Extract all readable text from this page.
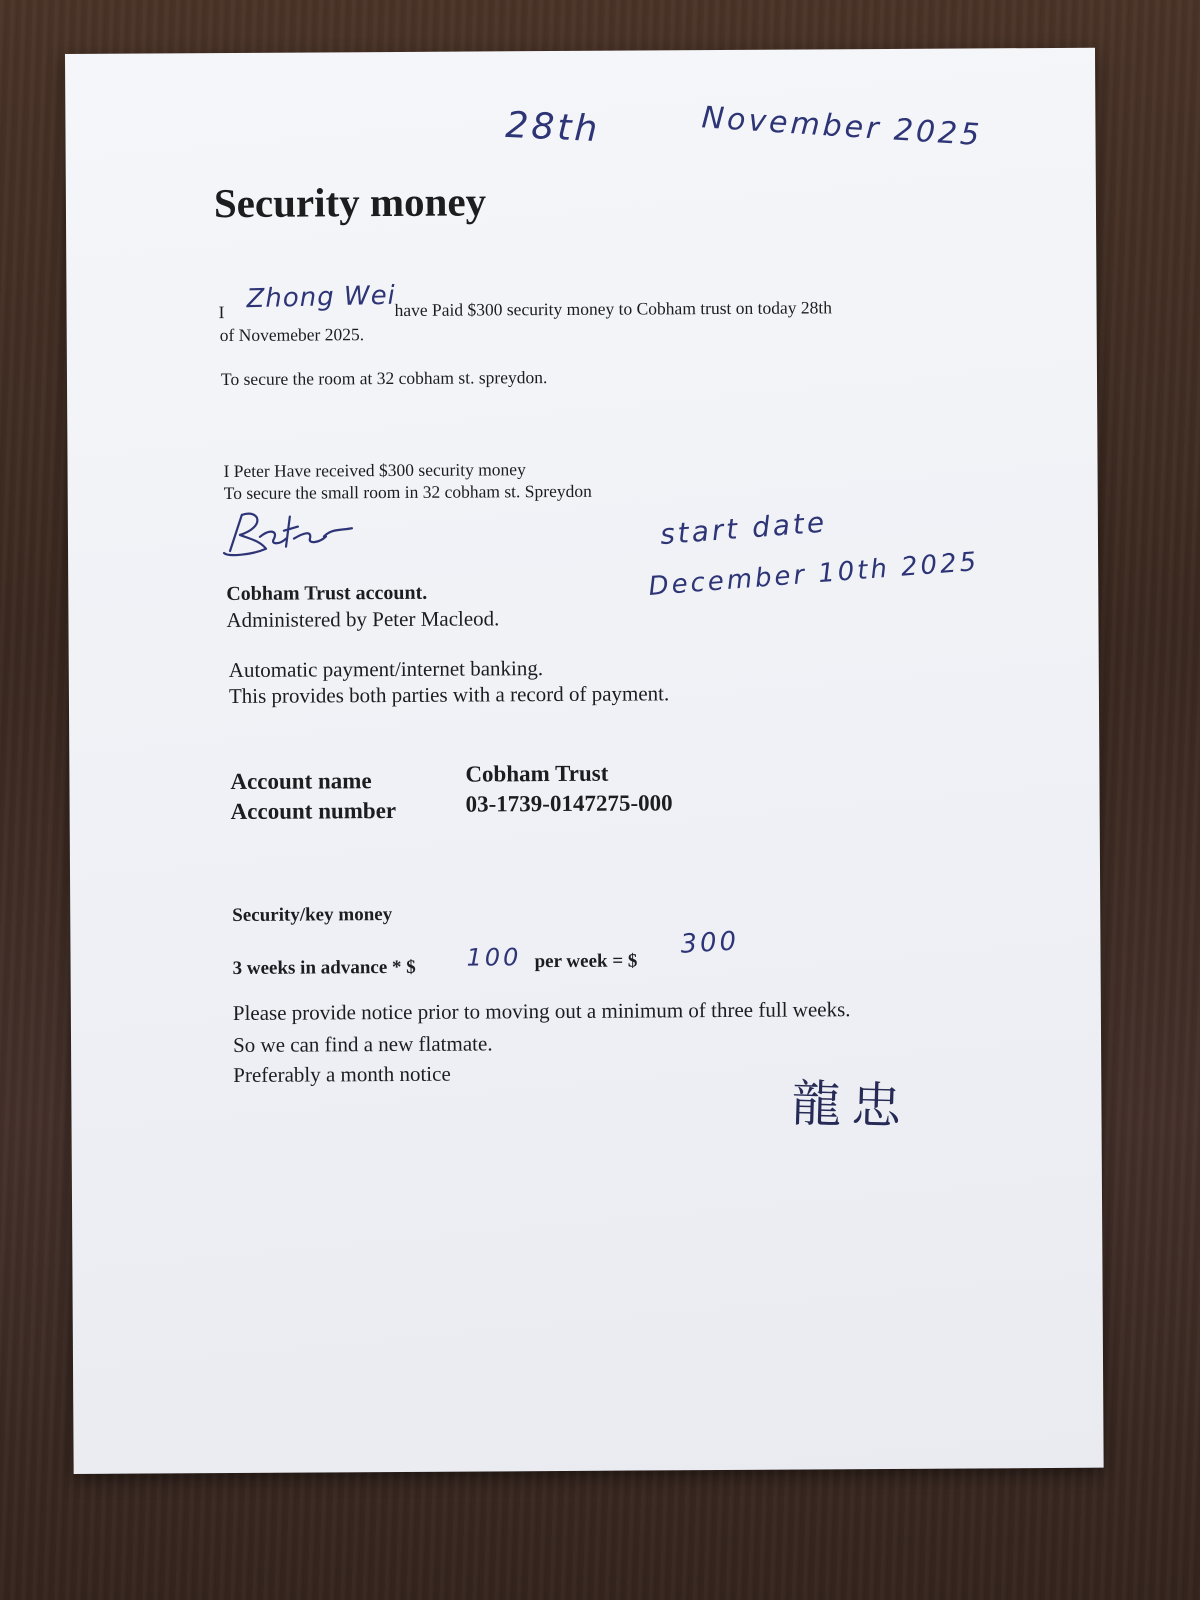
28th	November 2025
Security money
I Zhong Wei
have Paid $300 security money to Cobham trust on today 28th
of Novemeber 2025.
To secure the room at 32 cobham st. spreydon.
I Peter Have received $300 security money
To secure the small room in 32 cobham st. Spreydon
start date
December 10th 2025
Cobham Trust account.
Administered by Peter Macleod.
Automatic payment/internet banking.
This provides both parties with a record of payment.
Account name	Cobham Trust
Account number	03-1739-0147275-000
Security/key money
3 weeks in advance * $ 100 per week = $
300
Please provide notice prior to moving out a minimum of three full weeks.
So we can find a new flatmate.
Preferably a month notice
龍忠
